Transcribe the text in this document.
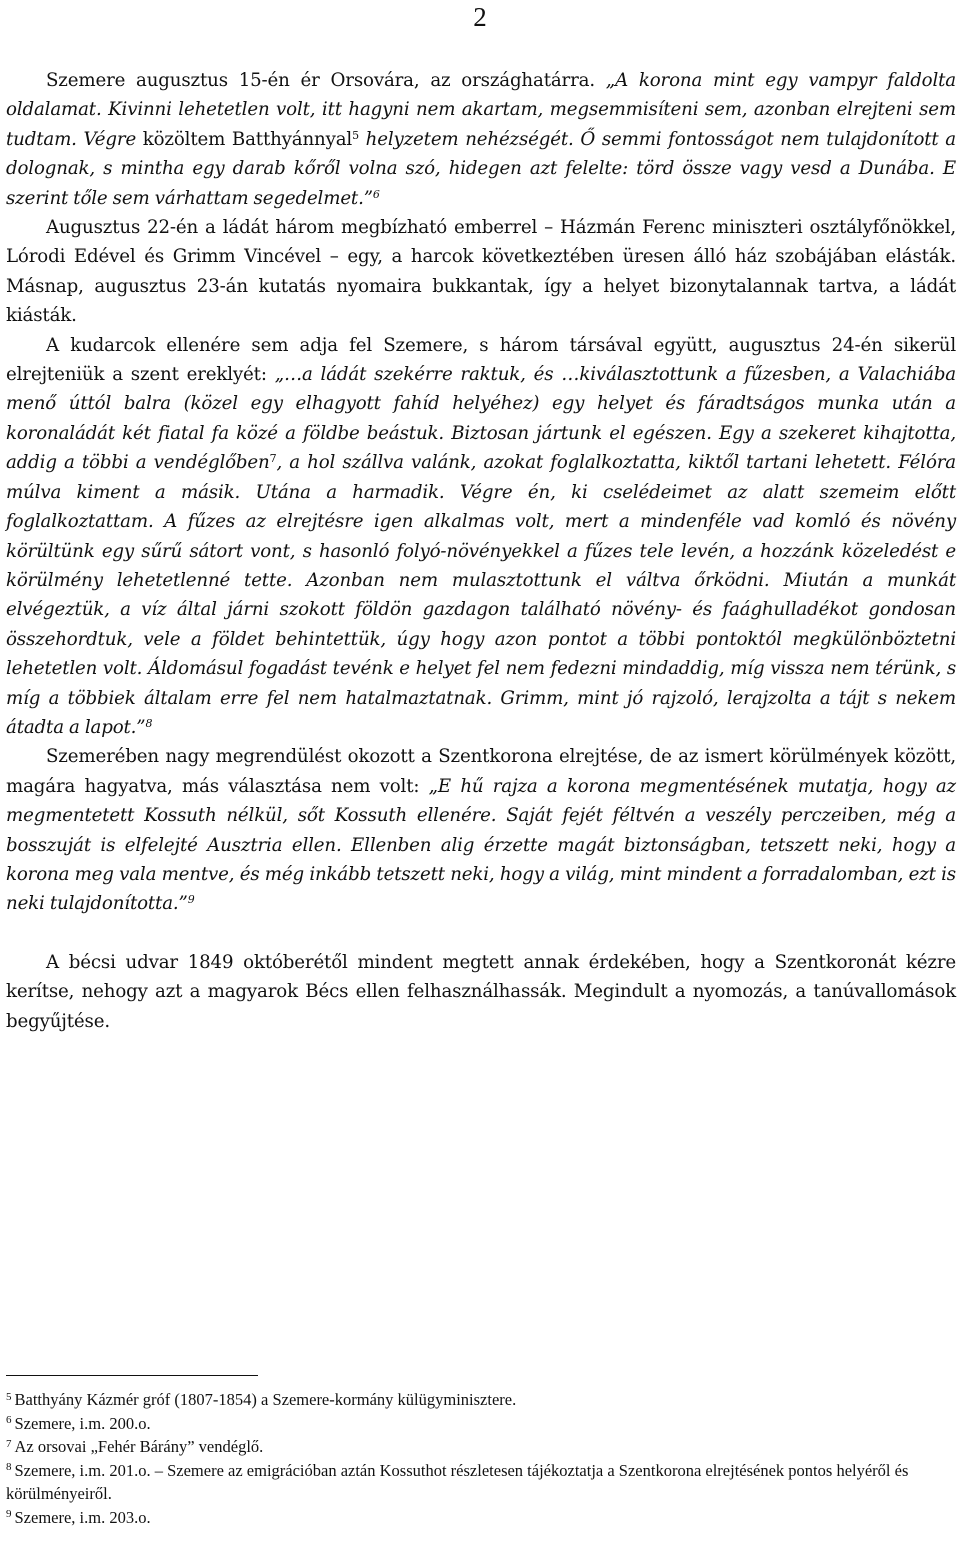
2

Szemere augusztus 15-én ér Orsovára, az országhatárra. „A korona mint egy vampyr faldolta oldalamat. Kivinni lehetetlen volt, itt hagyni nem akartam, megsemmisíteni sem, azonban elrejteni sem tudtam. Végre közöltem Batthyánnyal$^5$ helyzetem nehézségét. Ő semmi fontosságot nem tulajdonított a dolognak, s mintha egy darab kőről volna szó, hidegen azt felelte: törd össze vagy vesd a Dunába. E szerint tőle sem várhattam segedelmet.”$^6$

Augusztus 22-én a ládát három megbízható emberrel – Házmán Ferenc miniszteri osztályfőnökkel, Lórodi Edével és Grimm Vincével – egy, a harcok következtében üresen álló ház szobájában elásták. Másnap, augusztus 23-án kutatás nyomaira bukkantak, így a helyet bizonytalannak tartva, a ládát kiásták.

A kudarcok ellenére sem adja fel Szemere, s három társával együtt, augusztus 24-én sikerül elrejteniük a szent ereklyét: „…a ládát szekérre raktuk, és …kiválasztottunk a fűzesben, a Valachiába menő úttól balra (közel egy elhagyott fahíd helyéhez) egy helyet és fáradtságos munka után a koronaládát két fiatal fa közé a földbe beástuk. Biztosan jártunk el egészen. Egy a szekeret kihajtotta, addig a többi a vendéglőben$^7$, a hol szállva valánk, azokat foglalkoztatta, kiktől tartani lehetett. Félóra múlva kiment a másik. Utána a harmadik. Végre én, ki cselédeimet az alatt szemeim előtt foglalkoztattam. A fűzes az elrejtésre igen alkalmas volt, mert a mindenféle vad komló és növény körültünk egy sűrű sátort vont, s hasonló folyó-növényekkel a fűzes tele levén, a hozzánk közeledést e körülmény lehetetlenné tette. Azonban nem mulasztottunk el váltva őrködni. Miután a munkát elvégeztük, a víz által járni szokott földön gazdagon található növény- és faághulladékot gondosan összehordtuk, vele a földet behintettük, úgy hogy azon pontot a többi pontoktól megkülönböztetni lehetetlen volt. Áldomásul fogadást tevénk e helyet fel nem fedezni mindaddig, míg vissza nem térünk, s míg a többiek általam erre fel nem hatalmaztatnak. Grimm, mint jó rajzoló, lerajzolta a tájt s nekem átadta a lapot.”$^8$

Szemerében nagy megrendülést okozott a Szentkorona elrejtése, de az ismert körülmények között, magára hagyatva, más választása nem volt: „E hű rajza a korona megmentésének mutatja, hogy az megmentetett Kossuth nélkül, sőt Kossuth ellenére. Saját fejét féltvén a veszély perczeiben, még a bosszuját is elfelejté Ausztria ellen. Ellenben alig érzette magát biztonságban, tetszett neki, hogy a korona meg vala mentve, és még inkább tetszett neki, hogy a világ, mint mindent a forradalomban, ezt is neki tulajdonította.”$^9$

A bécsi udvar 1849 októberétől mindent megtett annak érdekében, hogy a Szentkoronát kézre kerítse, nehogy azt a magyarok Bécs ellen felhasználhassák. Megindult a nyomozás, a tanúvallomások begyűjtése.

$^5$ Batthyány Kázmér gróf (1807-1854) a Szemere-kormány külügyminisztere.

$^6$ Szemere, i.m. 200.o.

$^7$ Az orsovai „Fehér Bárány” vendéglő.

$^8$ Szemere, i.m. 201.o. – Szemere az emigrációban aztán Kossuthot részletesen tájékoztatja a Szentkorona elrejtésének pontos helyéről és körülményeiről.

$^9$ Szemere, i.m. 203.o.
